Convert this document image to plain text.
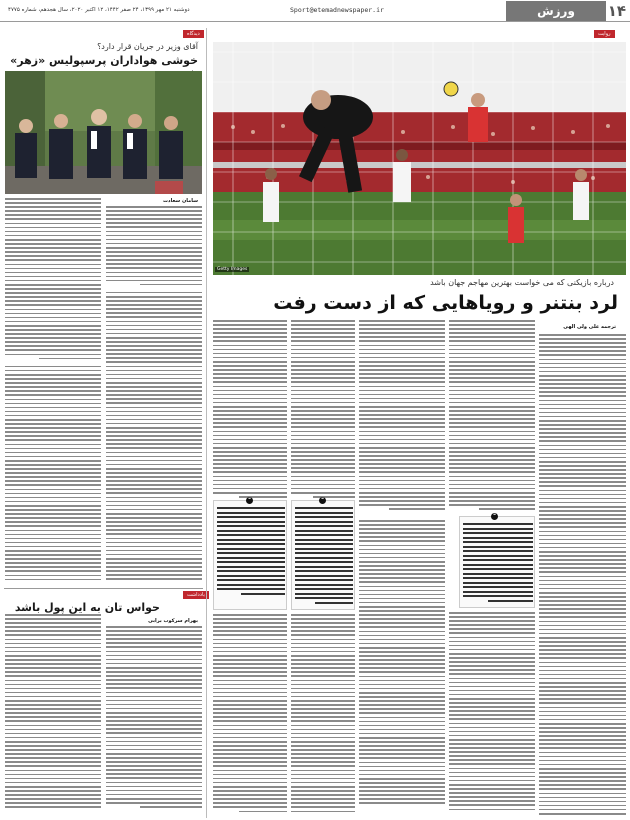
۱۴
ورزش
Sport@etemadnewspaper.ir
دوشنبه ۲۱ مهر ۱۳۹۹، ۲۴ صفر ۱۴۴۲، ۱۲ اکتبر ۲۰۲۰، سال هجدهم، شماره ۴۷۷۵
دیدگاه
آقای وزیر در جریان قرار دارد؟
خوشی هواداران پرسپولیس «زهر»
سامان سعادت
یادداشت
حواس تان به این پول باشد
بهرام سرکوب برابی
روایت
Getty Images
درباره بازیکنی که می خواست بهترین مهاجم جهان باشد
لرد بنتنر و رویاهایی که از دست رفت
ترجمه علی ولی الهی
❝
❝
❝
